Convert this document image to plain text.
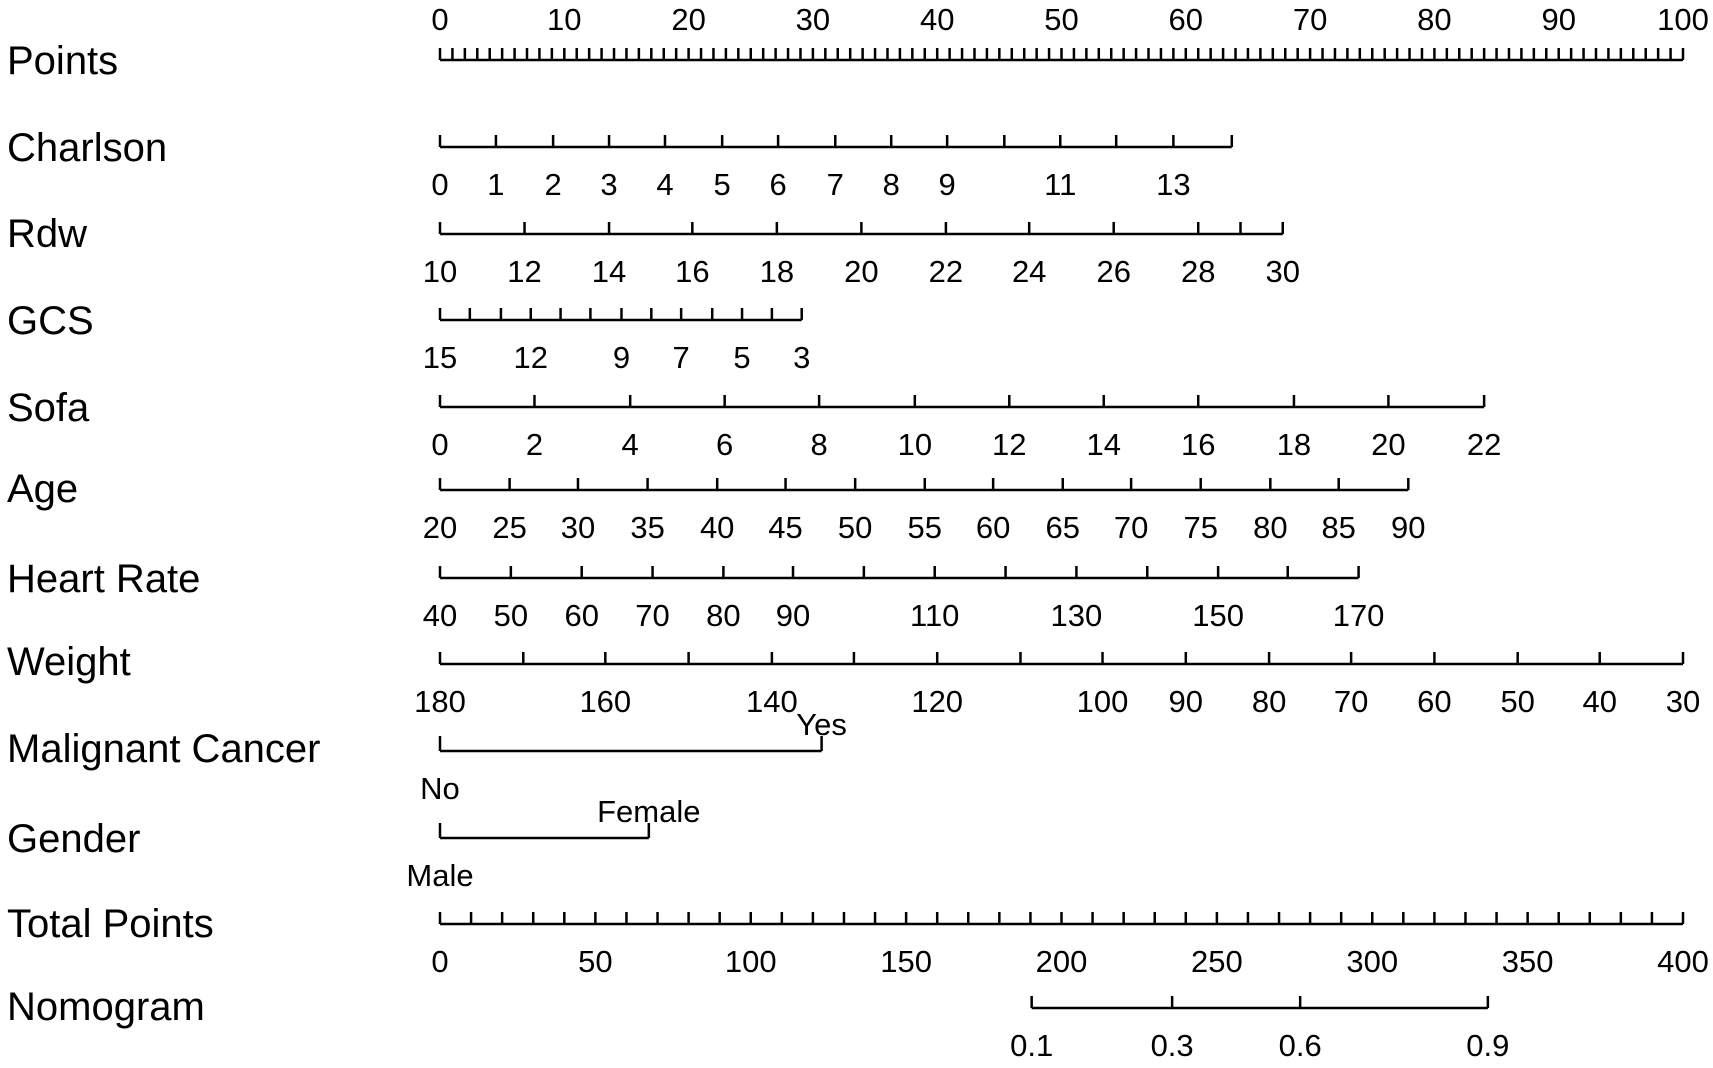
Points
0	10	20	30	40	50	60	70	80	90	100
Charlson
0 1 2 3 4 5 6 7 8 9	11	13
Rdw
10 12 14 16 18 20 22 24 26 28 30
GCS
15 12 9 7 5 3
Sofa
0 2	4 6 8 10 12 14 16 18 20 22
Age
20 25 30 35 40 45 50 55 60 65 70 75 80 85 90
Heart Rate
40 50 60 70 80 90	110	130	150	170
Weight
180	160	140	120	100 90 80 70 60 50 40 30
Malignant Cancer
No
Yes
Gender
Male
Female
Total Points
0	50	100	150	200	250	300	350	400
Nomogram
0.1	0.3	0.6	0.9
